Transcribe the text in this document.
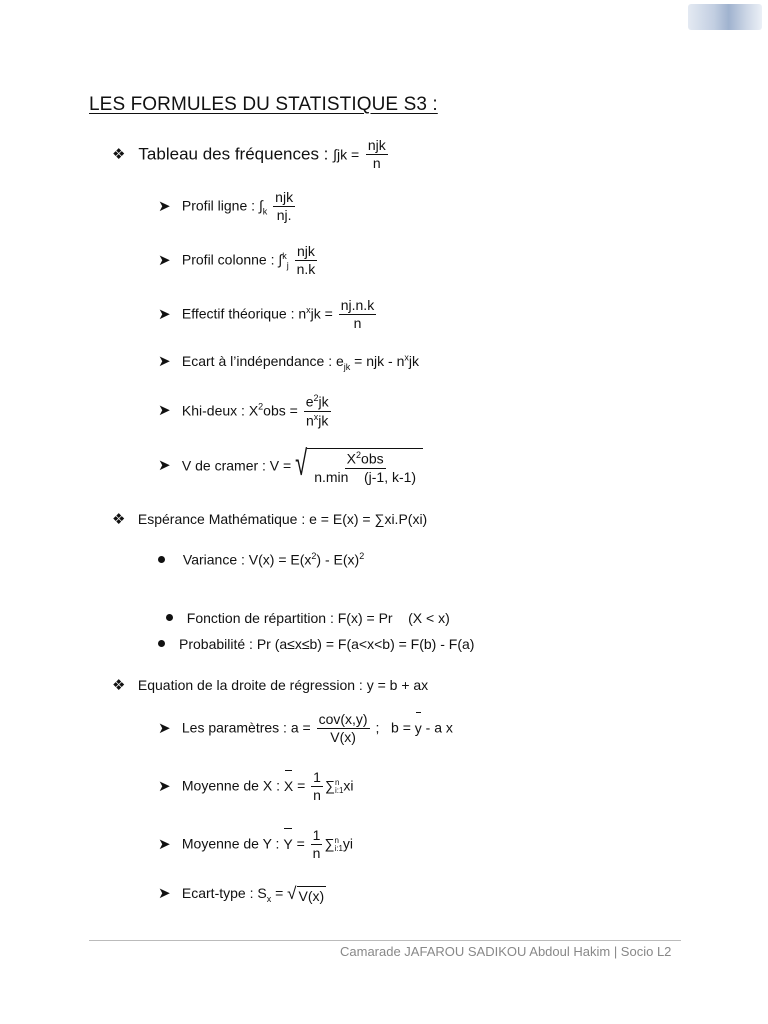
LES FORMULES DU STATISTIQUE S3 :
❖ Tableau des fréquences : $\int jk = \frac{\text{njk}}{n}$
➤ Profil ligne : $\int_k \frac{\text{njk}}{nj.}$
➤ Profil colonne : $\int^k_j \frac{\text{njk}}{n.k}$
➤ Effectif théorique : $n^xjk = \frac{nj.n.k}{n}$
➤ Ecart à l’indépendance : $e_{jk}$ = njk - $n^xjk$
➤ Khi-deux : $X^2obs = \frac{e^2jk}{n^xjk}$
➤ V de cramer : V = √ $\frac{X^2obs}{n.\min (j-1, k-1)}$
❖ Espérance Mathématique : e = E(x) = ∑xi.P(xi)
Variance : $V(x) = E(x^2) - E(x)^2$

Fonction de répartition : F(x) = Pr    (X < x)

Probabilité : Pr (a≤x≤b) = F(a<x<b) = F(b) - F(a)
❖ Equation de la droite de régression : y = b + ax
➤ Les paramètres : $a = \frac{\text{cov(x,y)}}{V(x)}$ ;   b = y - a x
➤ Moyenne de X : $X = \frac{1}{n}$ ∑ n
i:1 xi
➤ Moyenne de Y : $Y = \frac{1}{n}$ ∑ n
i:1 yi
➤ Ecart-type : $S_x$ = √ V(x)
Camarade JAFAROU SADIKOU Abdoul Hakim | Socio L2
